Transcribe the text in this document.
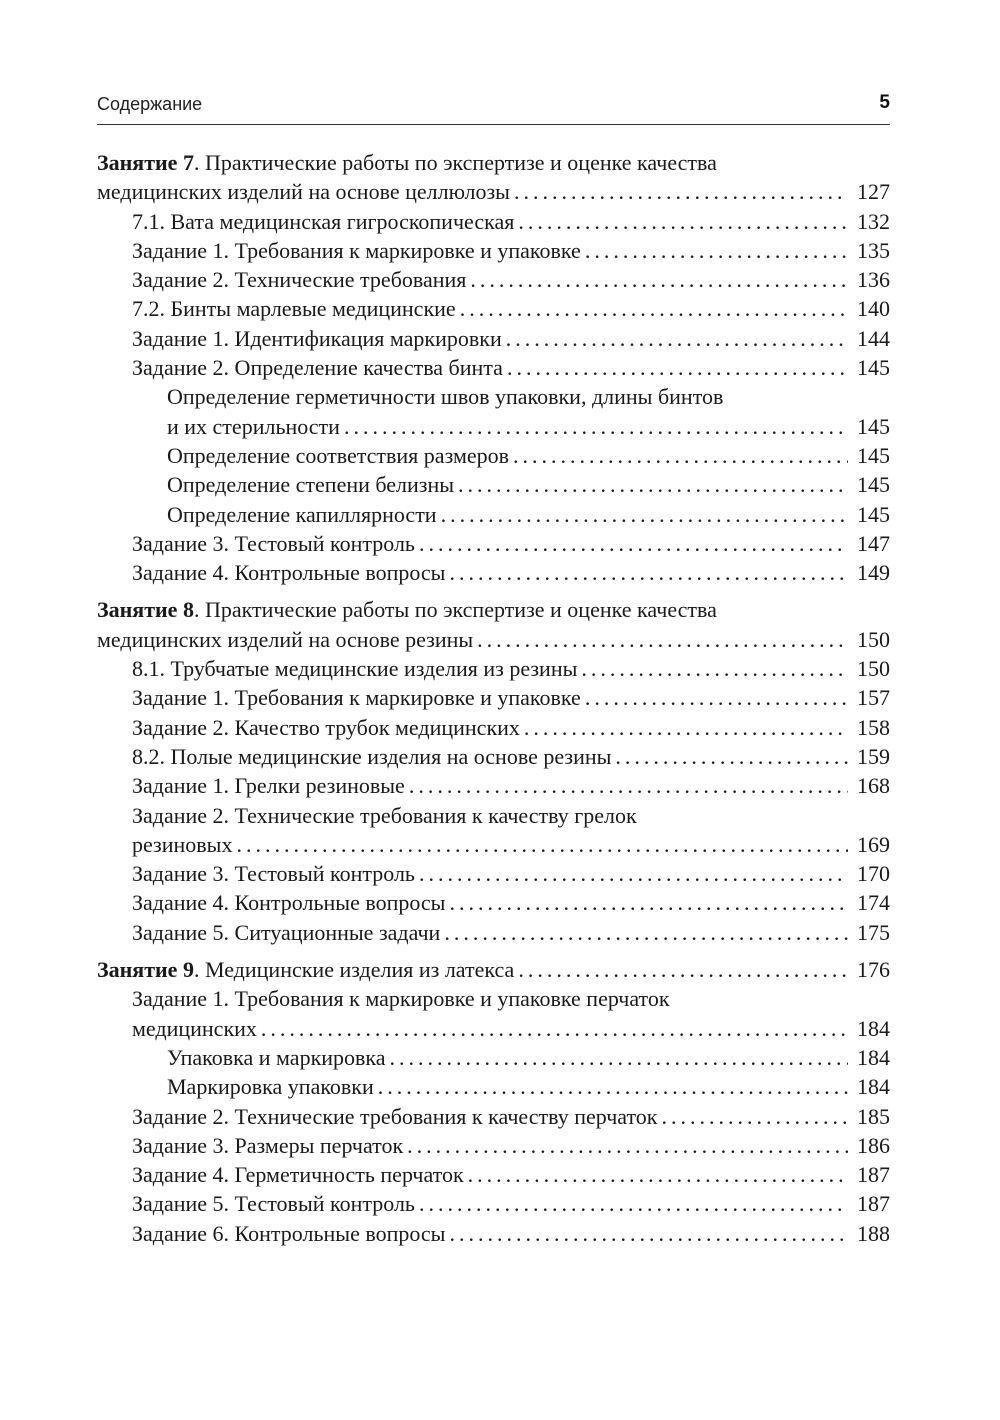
Содержание	5
Занятие 7 . Практические работы по экспертизе и оценке качества
медицинских изделий на основе целлюлозы . . .	127
7.1. Вата медицинская гигроскопическая . . .	132
Задание 1. Требования к маркировке и упаковке . . .	135
Задание 2. Технические требования . . .	136
7.2. Бинты марлевые медицинские . . .	140
Задание 1. Идентификация маркировки . . .	144
Задание 2. Определение качества бинта . . .	145
Определение герметичности швов упаковки, длины бинтов
и их стерильности . . .	145
Определение соответствия размеров . . .	145
Определение степени белизны . . .	145
Определение капиллярности . . .	145
Задание 3. Тестовый контроль . . .	147
Задание 4. Контрольные вопросы . . .	149
Занятие 8 . Практические работы по экспертизе и оценке качества
медицинских изделий на основе резины . . .	150
8.1. Трубчатые медицинские изделия из резины . . .	150
Задание 1. Требования к маркировке и упаковке . . .	157
Задание 2. Качество трубок медицинских . . .	158
8.2. Полые медицинские изделия на основе резины . . .	159
Задание 1. Грелки резиновые . . .	168
Задание 2. Технические требования к качеству грелок
резиновых . . .	169
Задание 3. Тестовый контроль . . .	170
Задание 4. Контрольные вопросы . . .	174
Задание 5. Ситуационные задачи . . .	175
Занятие 9 . Медицинские изделия из латекса . . .	176
Задание 1. Требования к маркировке и упаковке перчаток
медицинских . . .	184
Упаковка и маркировка . . .	184
Маркировка упаковки . . .	184
Задание 2. Технические требования к качеству перчаток . . .	185
Задание 3. Размеры перчаток . . .	186
Задание 4. Герметичность перчаток . . .	187
Задание 5. Тестовый контроль . . .	187
Задание 6. Контрольные вопросы . . .	188
